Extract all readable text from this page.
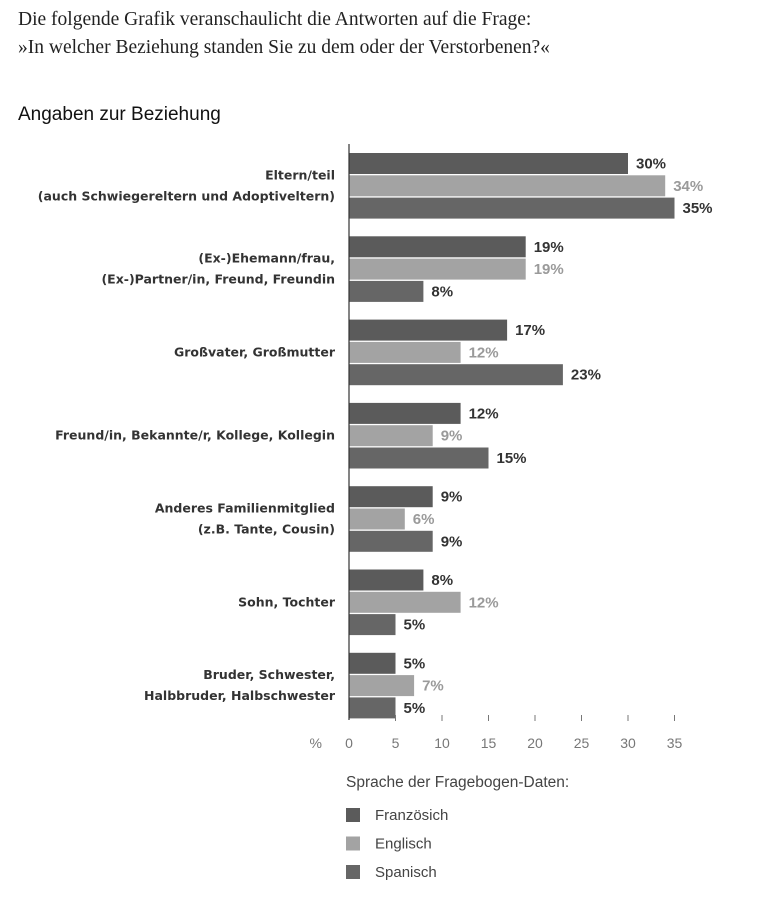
Die folgende Grafik veranschaulicht die Antworten auf die Frage:
»In welcher Beziehung standen Sie zu dem oder der Verstorbenen?«
Angaben zur Beziehung
30%
34%
35%
19%
19%
8%
17%
12%
23%
12%
9%
15%
9%
6%
9%
8%
12%
5%
5%
7%
5%
Eltern/teil
(auch Schwiegereltern und Adoptiveltern)
(Ex-)Ehemann/frau,
(Ex-)Partner/in, Freund, Freundin
Großvater, Großmutter
Freund/in, Bekannte/r, Kollege, Kollegin
Anderes Familienmitglied
(z.B. Tante, Cousin)
Sohn, Tochter
Bruder, Schwester,
Halbbruder, Halbschwester
0	5 10 15 20 25 30 35
%
Sprache der Fragebogen-Daten:
Französich
Englisch
Spanisch
